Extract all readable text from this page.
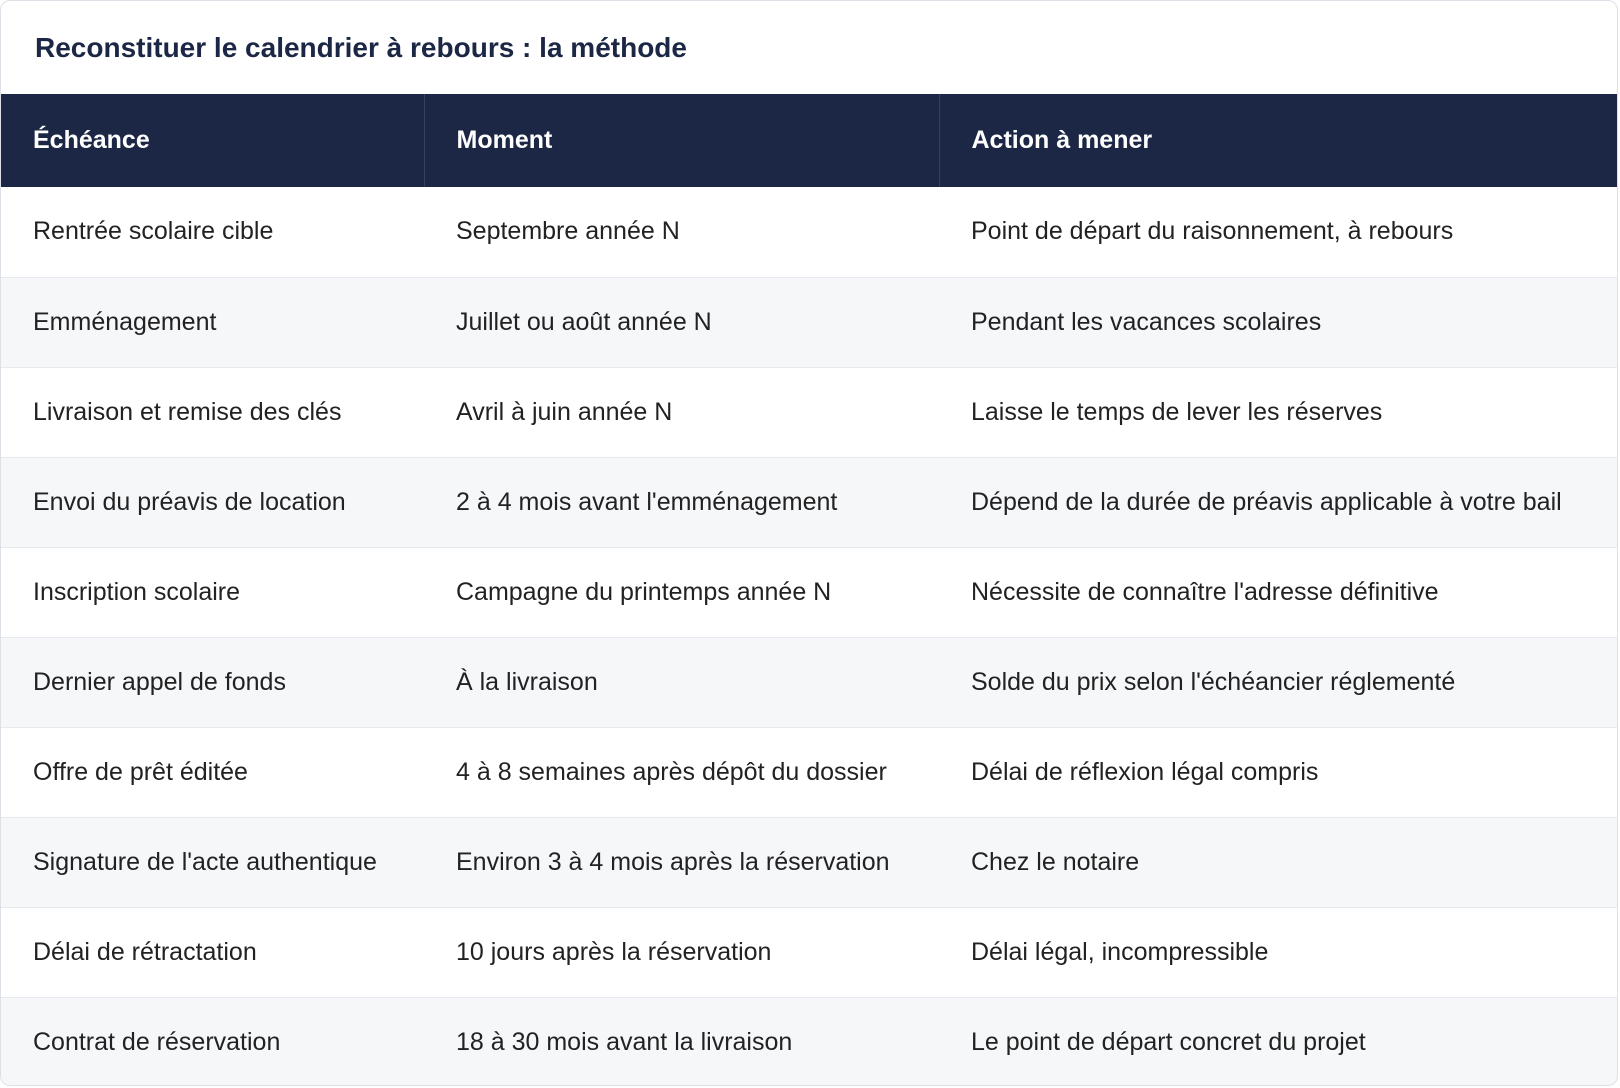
Reconstituer le calendrier à rebours : la méthode
Échéance	Moment	Action à mener
Rentrée scolaire cible	Septembre année N	Point de départ du raisonnement, à rebours
Emménagement	Juillet ou août année N	Pendant les vacances scolaires
Livraison et remise des clés	Avril à juin année N	Laisse le temps de lever les réserves
Envoi du préavis de location	2 à 4 mois avant l'emménagement	Dépend de la durée de préavis applicable à votre bail
Inscription scolaire	Campagne du printemps année N	Nécessite de connaître l'adresse définitive
Dernier appel de fonds	À la livraison	Solde du prix selon l'échéancier réglementé
Offre de prêt éditée	4 à 8 semaines après dépôt du dossier	Délai de réflexion légal compris
Signature de l'acte authentique	Environ 3 à 4 mois après la réservation	Chez le notaire
Délai de rétractation	10 jours après la réservation	Délai légal, incompressible
Contrat de réservation	18 à 30 mois avant la livraison	Le point de départ concret du projet
